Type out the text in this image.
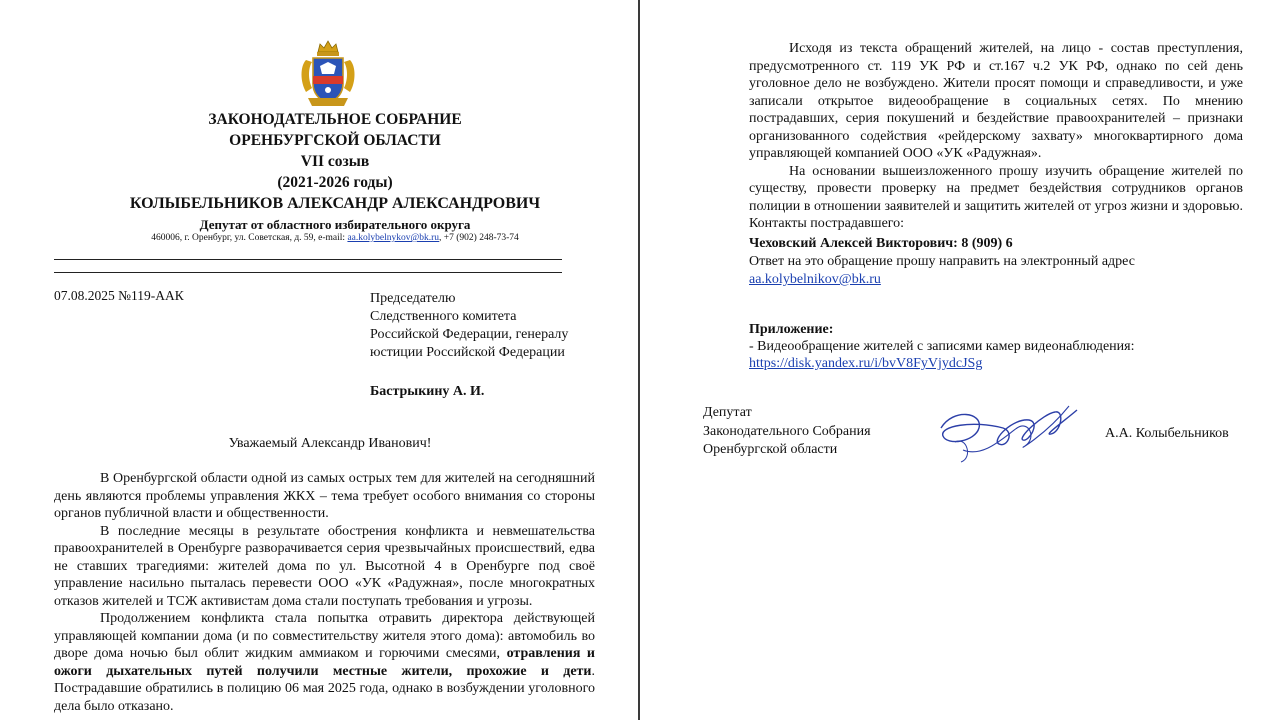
ЗАКОНОДАТЕЛЬНОЕ СОБРАНИЕ
ОРЕНБУРГСКОЙ ОБЛАСТИ
VII созыв
(2021-2026 годы)
КОЛЫБЕЛЬНИКОВ АЛЕКСАНДР АЛЕКСАНДРОВИЧ
Депутат от областного избирательного округа
460006, г. Оренбург, ул. Советская, д. 59, e-mail: aa.kolybelnykov@bk.ru, +7 (902) 248-73-74
07.08.2025 №119-ААК	Председателю
Следственного комитета
Российской Федерации, генералу
юстиции Российской Федерации
Бастрыкину А. И.
Уважаемый Александр Иванович!

В Оренбургской области одной из самых острых тем для жителей на сегодняшний день являются проблемы управления ЖКХ – тема требует особого внимания со стороны органов публичной власти и общественности.

В последние месяцы в результате обострения конфликта и невмешательства правоохранителей в Оренбурге разворачивается серия чрезвычайных происшествий, едва не ставших трагедиями: жителей дома по ул. Высотной 4 в Оренбурге под своё управление насильно пыталась перевести ООО «УК «Радужная», после многократных отказов жителей и ТСЖ активистам дома стали поступать требования и угрозы.

Продолжением конфликта стала попытка отравить директора действующей управляющей компании дома (и по совместительству жителя этого дома): автомобиль во дворе дома ночью был облит жидким аммиаком и горючими смесями, отравления и ожоги дыхательных путей получили местные жители, прохожие и дети. Пострадавшие обратились в полицию 06 мая 2025 года, однако в возбуждении уголовного дела было отказано.

Исходя из текста обращений жителей, на лицо - состав преступления, предусмотренного ст. 119 УК РФ и ст.167 ч.2 УК РФ, однако по сей день уголовное дело не возбуждено. Жители просят помощи и справедливости, и уже записали открытое видеообращение в социальных сетях. По мнению пострадавших, серия покушений и бездействие правоохранителей – признаки организованного содействия «рейдерскому захвату» многоквартирного дома управляющей компанией ООО «УК «Радужная».

На основании вышеизложенного прошу изучить обращение жителей по существу, провести проверку на предмет бездействия сотрудников органов полиции в отношении заявителей и защитить жителей от угроз жизни и здоровью. Контакты пострадавшего:

Чеховский Алексей Викторович: 8 (909) 6
Ответ на это обращение прошу направить на электронный адрес
aa.kolybelnikov@bk.ru
Приложение:
- Видеообращение жителей с записями камер видеонаблюдения:
https://disk.yandex.ru/i/bvV8FyVjydcJSg
Депутат
Законодательного Собрания
Оренбургской области
А.А. Колыбельников
